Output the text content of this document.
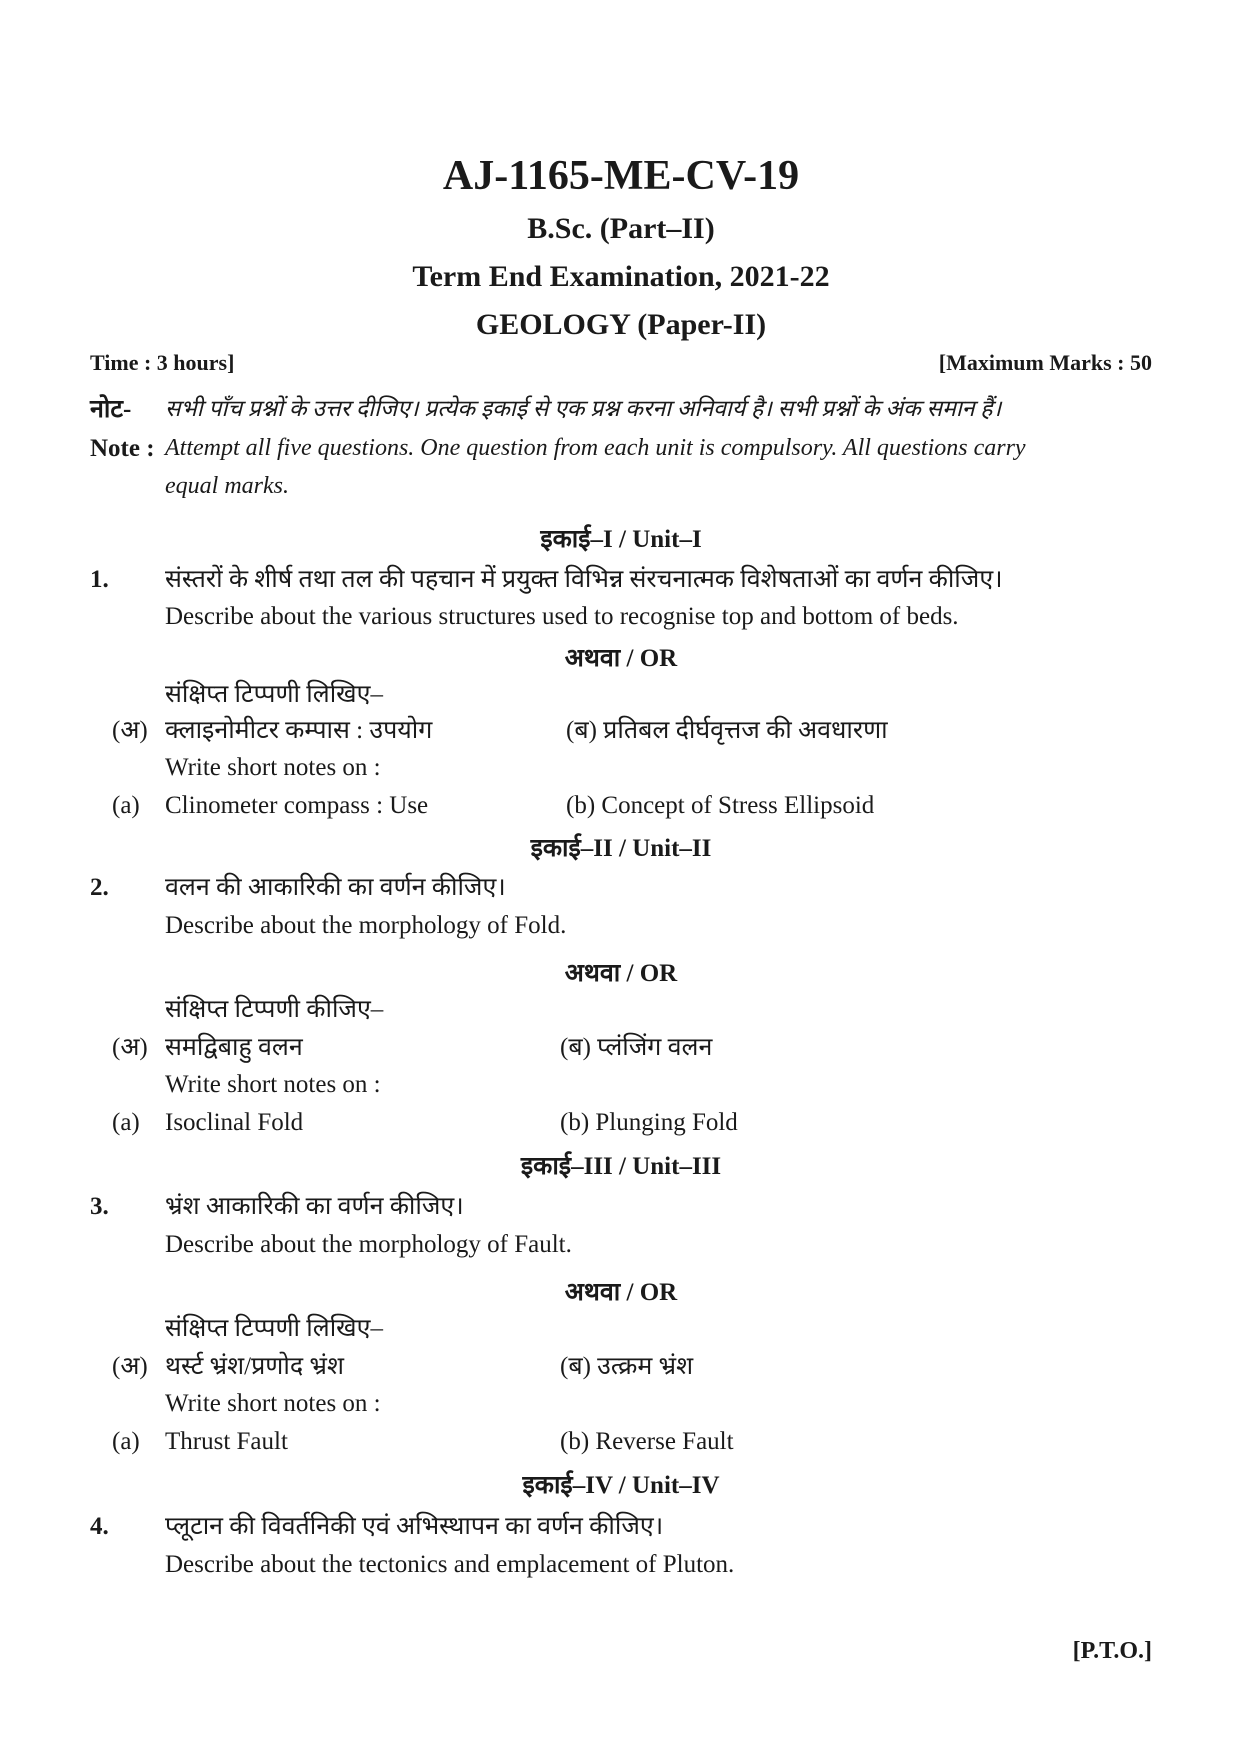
AJ-1165-ME-CV-19
B.Sc. (Part–II)
Term End Examination, 2021-22
GEOLOGY (Paper-II)
Time : 3 hours]	[Maximum Marks : 50
नोट- सभी पाँच प्रश्नों के उत्तर दीजिए। प्रत्येक इकाई से एक प्रश्न करना अनिवार्य है। सभी प्रश्नों के अंक समान हैं।
Note : Attempt all five questions. One question from each unit is compulsory. All questions carry
equal marks.
इकाई–I / Unit–I
1. संस्तरों के शीर्ष तथा तल की पहचान में प्रयुक्त विभिन्न संरचनात्मक विशेषताओं का वर्णन कीजिए।
Describe about the various structures used to recognise top and bottom of beds.
अथवा / OR
संक्षिप्त टिप्पणी लिखिए–
(अ) क्लाइनोमीटर कम्पास : उपयोग	(ब) प्रतिबल दीर्घवृत्तज की अवधारणा
Write short notes on :
(a) Clinometer compass : Use	(b) Concept of Stress Ellipsoid
इकाई–II / Unit–II
2. वलन की आकारिकी का वर्णन कीजिए।
Describe about the morphology of Fold.
अथवा / OR
संक्षिप्त टिप्पणी कीजिए–
(अ) समद्विबाहु वलन	(ब) प्लंजिंग वलन
Write short notes on :
(a) Isoclinal Fold	(b) Plunging Fold
इकाई–III / Unit–III
3. भ्रंश आकारिकी का वर्णन कीजिए।
Describe about the morphology of Fault.
अथवा / OR
संक्षिप्त टिप्पणी लिखिए–
(अ) थर्स्ट भ्रंश/प्रणोद भ्रंश	(ब) उत्क्रम भ्रंश
Write short notes on :
(a) Thrust Fault	(b) Reverse Fault
इकाई–IV / Unit–IV
4. प्लूटान की विवर्तनिकी एवं अभिस्थापन का वर्णन कीजिए।
Describe about the tectonics and emplacement of Pluton.
[P.T.O.]
